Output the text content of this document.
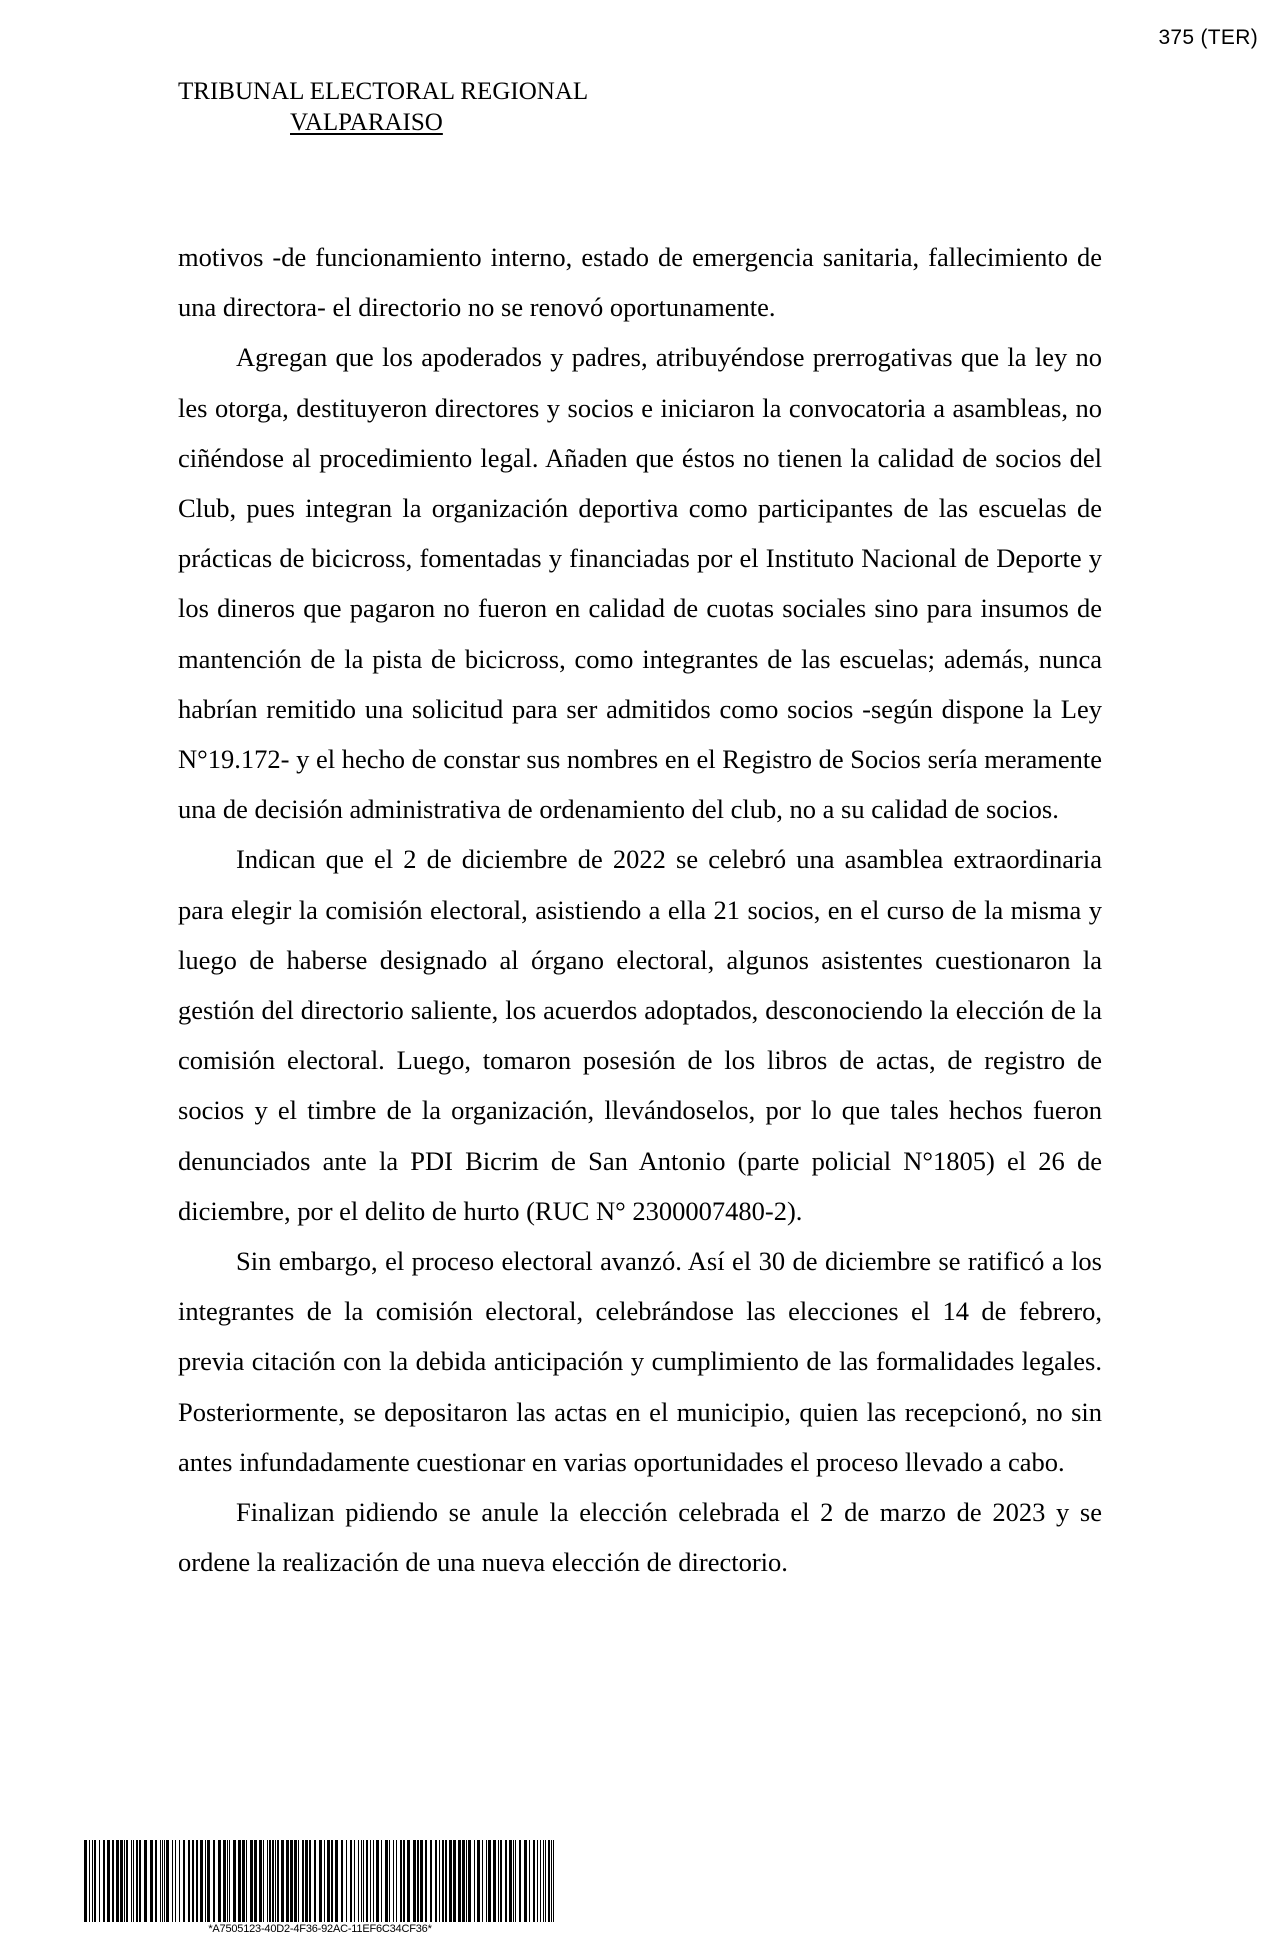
375 (TER)
TRIBUNAL ELECTORAL REGIONAL
VALPARAISO

motivos -de funcionamiento interno, estado de emergencia sanitaria, fallecimiento de una directora- el directorio no se renovó oportunamente.

Agregan que los apoderados y padres, atribuyéndose prerrogativas que la ley no les otorga, destituyeron directores y socios e iniciaron la convocatoria a asambleas, no ciñéndose al procedimiento legal. Añaden que éstos no tienen la calidad de socios del Club, pues integran la organización deportiva como participantes de las escuelas de prácticas de bicicross, fomentadas y financiadas por el Instituto Nacional de Deporte y los dineros que pagaron no fueron en calidad de cuotas sociales sino para insumos de mantención de la pista de bicicross, como integrantes de las escuelas; además, nunca habrían remitido una solicitud para ser admitidos como socios -según dispone la Ley N°19.172- y el hecho de constar sus nombres en el Registro de Socios sería meramente una de decisión administrativa de ordenamiento del club, no a su calidad de socios.

Indican que el 2 de diciembre de 2022 se celebró una asamblea extraordinaria para elegir la comisión electoral, asistiendo a ella 21 socios, en el curso de la misma y luego de haberse designado al órgano electoral, algunos asistentes cuestionaron la gestión del directorio saliente, los acuerdos adoptados, desconociendo la elección de la comisión electoral. Luego, tomaron posesión de los libros de actas, de registro de socios y el timbre de la organización, llevándoselos, por lo que tales hechos fueron denunciados ante la PDI Bicrim de San Antonio (parte policial N°1805) el 26 de diciembre, por el delito de hurto (RUC N° 2300007480-2).

Sin embargo, el proceso electoral avanzó. Así el 30 de diciembre se ratificó a los integrantes de la comisión electoral, celebrándose las elecciones el 14 de febrero, previa citación con la debida anticipación y cumplimiento de las formalidades legales. Posteriormente, se depositaron las actas en el municipio, quien las recepcionó, no sin antes infundadamente cuestionar en varias oportunidades el proceso llevado a cabo.

Finalizan pidiendo se anule la elección celebrada el 2 de marzo de 2023 y se ordene la realización de una nueva elección de directorio.

*A7505123-40D2-4F36-92AC-11EF6C34CF36*
